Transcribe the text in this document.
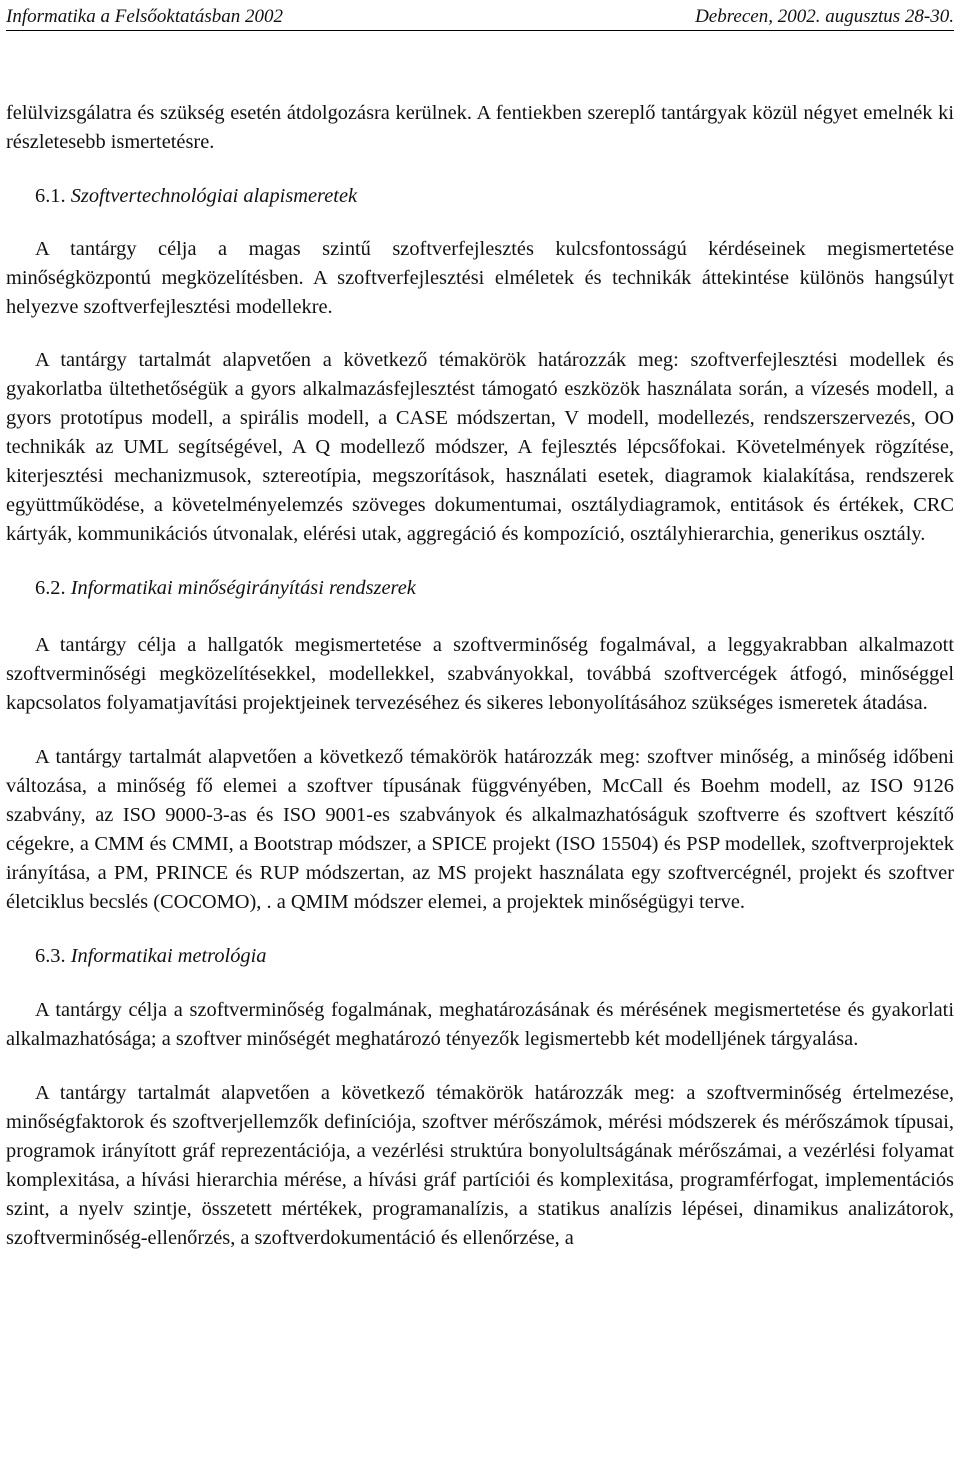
Informatika a Felsőoktatásban 2002	Debrecen, 2002. augusztus 28-30.

felülvizsgálatra és szükség esetén átdolgozásra kerülnek. A fentiekben szereplő tantárgyak közül négyet emelnék ki részletesebb ismertetésre.

6.1. Szoftvertechnológiai alapismeretek

A tantárgy célja a magas szintű szoftverfejlesztés kulcsfontosságú kérdéseinek megismertetése minőségközpontú megközelítésben. A szoftverfejlesztési elméletek és technikák áttekintése különös hangsúlyt helyezve szoftverfejlesztési modellekre.

A tantárgy tartalmát alapvetően a következő témakörök határozzák meg: szoftverfejlesztési modellek és gyakorlatba ültethetőségük a gyors alkalmazásfejlesztést támogató eszközök használata során, a vízesés modell, a gyors prototípus modell, a spirális modell, a CASE módszertan, V modell, modellezés, rendszerszervezés, OO technikák az UML segítségével, A Q modellező módszer, A fejlesztés lépcsőfokai. Követelmények rögzítése, kiterjesztési mechanizmusok, sztereotípia, megszorítások, használati esetek, diagramok kialakítása, rendszerek együttműködése, a követelményelemzés szöveges dokumentumai, osztálydiagramok, entitások és értékek, CRC kártyák, kommunikációs útvonalak, elérési utak, aggregáció és kompozíció, osztályhierarchia, generikus osztály.

6.2. Informatikai minőségirányítási rendszerek

A tantárgy célja a hallgatók megismertetése a szoftverminőség fogalmával, a leggyakrabban alkalmazott szoftverminőségi megközelítésekkel, modellekkel, szabványokkal, továbbá szoftvercégek átfogó, minőséggel kapcsolatos folyamatjavítási projektjeinek tervezéséhez és sikeres lebonyolításához szükséges ismeretek átadása.

A tantárgy tartalmát alapvetően a következő témakörök határozzák meg: szoftver minőség, a minőség időbeni változása, a minőség fő elemei a szoftver típusának függvényében, McCall és Boehm modell, az ISO 9126 szabvány, az ISO 9000-3-as és ISO 9001-es szabványok és alkalmazhatóságuk szoftverre és szoftvert készítő cégekre, a CMM és CMMI, a Bootstrap módszer, a SPICE projekt (ISO 15504) és PSP modellek, szoftverprojektek irányítása, a PM, PRINCE és RUP módszertan, az MS projekt használata egy szoftvercégnél, projekt és szoftver életciklus becslés (COCOMO), . a QMIM módszer elemei, a projektek minőségügyi terve.

6.3. Informatikai metrológia

A tantárgy célja a szoftverminőség fogalmának, meghatározásának és mérésének megismertetése és gyakorlati alkalmazhatósága; a szoftver minőségét meghatározó tényezők legismertebb két modelljének tárgyalása.

A tantárgy tartalmát alapvetően a következő témakörök határozzák meg: a szoftverminőség értelmezése, minőségfaktorok és szoftverjellemzők definíciója, szoftver mérőszámok, mérési módszerek és mérőszámok típusai, programok irányított gráf reprezentációja, a vezérlési struktúra bonyolultságának mérőszámai, a vezérlési folyamat komplexitása, a hívási hierarchia mérése, a hívási gráf partíciói és komplexitása, programférfogat, implementációs szint, a nyelv szintje, összetett mértékek, programanalízis, a statikus analízis lépései, dinamikus analizátorok, szoftverminőség-ellenőrzés, a szoftverdokumentáció és ellenőrzése, a
